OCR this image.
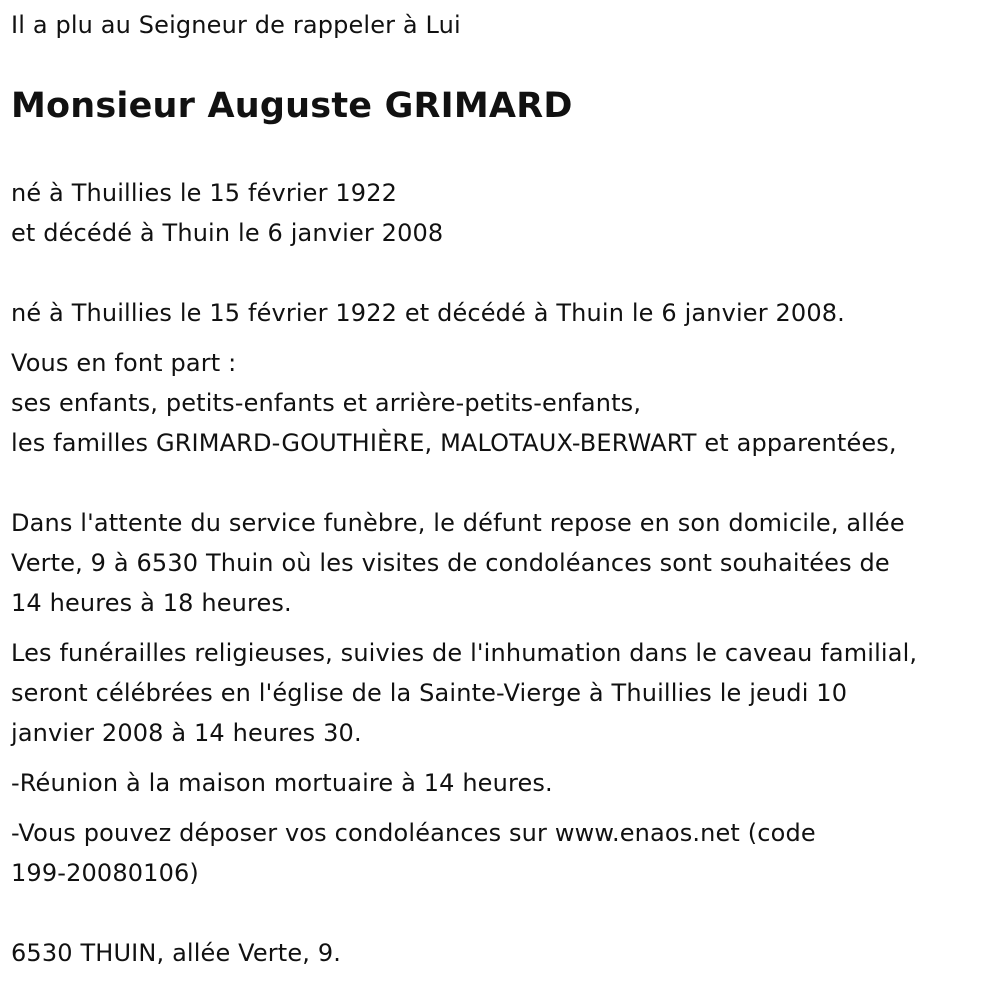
Il a plu au Seigneur de rappeler à Lui
Monsieur Auguste GRIMARD
né à Thuillies le 15 février 1922
et décédé à Thuin le 6 janvier 2008
né à Thuillies le 15 février 1922 et décédé à Thuin le 6 janvier 2008.
Vous en font part :
ses enfants, petits-enfants et arrière-petits-enfants,
les familles GRIMARD-GOUTHIÈRE, MALOTAUX-BERWART et apparentées,
Dans l'attente du service funèbre, le défunt repose en son domicile, allée
Verte, 9 à 6530 Thuin où les visites de condoléances sont souhaitées de
14 heures à 18 heures.
Les funérailles religieuses, suivies de l'inhumation dans le caveau familial,
seront célébrées en l'église de la Sainte-Vierge à Thuillies le jeudi 10
janvier 2008 à 14 heures 30.
-Réunion à la maison mortuaire à 14 heures.
-Vous pouvez déposer vos condoléances sur www.enaos.net (code
199-20080106)
6530 THUIN, allée Verte, 9.
